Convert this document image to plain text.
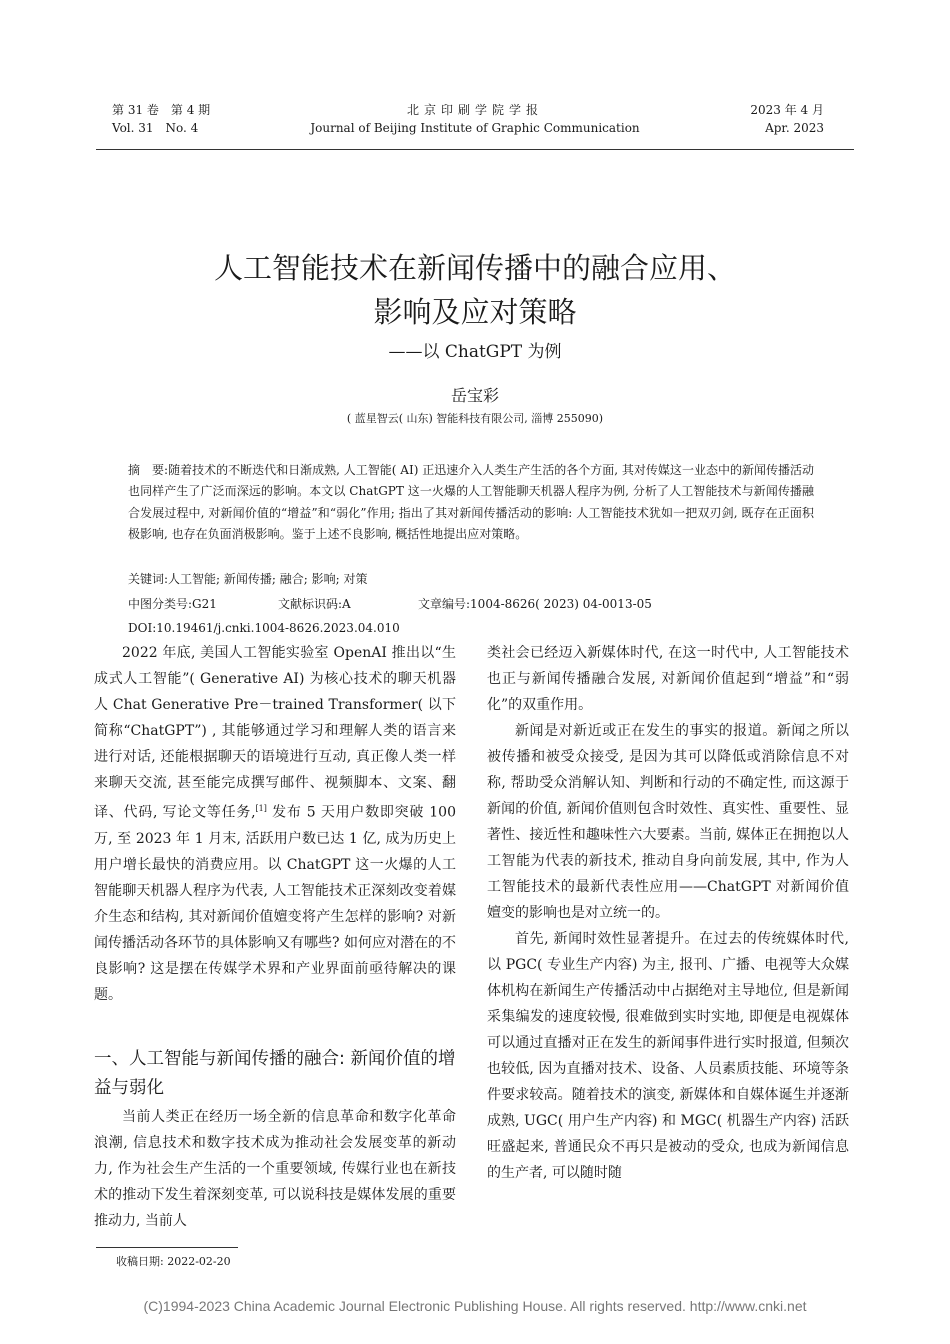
第 31 卷　第 4 期
Vol. 31　No. 4
北京印刷学院学报
Journal of Beijing Institute of Graphic Communication
2023 年 4 月
Apr. 2023
人工智能技术在新闻传播中的融合应用、
影响及应对策略
——以 ChatGPT 为例
岳宝彩
( 蓝星智云( 山东) 智能科技有限公司, 淄博 255090)
摘　要:随着技术的不断迭代和日渐成熟, 人工智能( AI) 正迅速介入人类生产生活的各个方面, 其对传媒这一业态中的新闻传播活动也同样产生了广泛而深远的影响。本文以 ChatGPT 这一火爆的人工智能聊天机器人程序为例, 分析了人工智能技术与新闻传播融合发展过程中, 对新闻价值的“增益”和“弱化”作用; 指出了其对新闻传播活动的影响: 人工智能技术犹如一把双刃剑, 既存在正面积极影响, 也存在负面消极影响。鉴于上述不良影响, 概括性地提出应对策略。
关键词:人工智能; 新闻传播; 融合; 影响; 对策
中图分类号:G21	文献标识码:A	文章编号:1004-8626( 2023) 04-0013-05
DOI:10.19461/j.cnki.1004-8626.2023.04.010

2022 年底, 美国人工智能实验室 OpenAI 推出以“生成式人工智能”( Generative AI) 为核心技术的聊天机器人 Chat Generative Pre－trained Transformer( 以下简称“ChatGPT”) , 其能够通过学习和理解人类的语言来进行对话, 还能根据聊天的语境进行互动, 真正像人类一样来聊天交流, 甚至能完成撰写邮件、视频脚本、文案、翻译、代码, 写论文等任务,[1] 发布 5 天用户数即突破 100 万, 至 2023 年 1 月末, 活跃用户数已达 1 亿, 成为历史上用户增长最快的消费应用。以 ChatGPT 这一火爆的人工智能聊天机器人程序为代表, 人工智能技术正深刻改变着媒介生态和结构, 其对新闻价值嬗变将产生怎样的影响? 对新闻传播活动各环节的具体影响又有哪些? 如何应对潜在的不良影响? 这是摆在传媒学术界和产业界面前亟待解决的课题。

一、人工智能与新闻传播的融合: 新闻价值的增益与弱化

当前人类正在经历一场全新的信息革命和数字化革命浪潮, 信息技术和数字技术成为推动社会发展变革的新动力, 作为社会生产生活的一个重要领域, 传媒行业也在新技术的推动下发生着深刻变革, 可以说科技是媒体发展的重要推动力, 当前人

类社会已经迈入新媒体时代, 在这一时代中, 人工智能技术也正与新闻传播融合发展, 对新闻价值起到“增益”和“弱化”的双重作用。

新闻是对新近或正在发生的事实的报道。新闻之所以被传播和被受众接受, 是因为其可以降低或消除信息不对称, 帮助受众消解认知、判断和行动的不确定性, 而这源于新闻的价值, 新闻价值则包含时效性、真实性、重要性、显著性、接近性和趣味性六大要素。当前, 媒体正在拥抱以人工智能为代表的新技术, 推动自身向前发展, 其中, 作为人工智能技术的最新代表性应用——ChatGPT 对新闻价值嬗变的影响也是对立统一的。

首先, 新闻时效性显著提升。在过去的传统媒体时代, 以 PGC( 专业生产内容) 为主, 报刊、广播、电视等大众媒体机构在新闻生产传播活动中占据绝对主导地位, 但是新闻采集编发的速度较慢, 很难做到实时实地, 即便是电视媒体可以通过直播对正在发生的新闻事件进行实时报道, 但频次也较低, 因为直播对技术、设备、人员素质技能、环境等条件要求较高。随着技术的演变, 新媒体和自媒体诞生并逐渐成熟, UGC( 用户生产内容) 和 MGC( 机器生产内容) 活跃旺盛起来, 普通民众不再只是被动的受众, 也成为新闻信息的生产者, 可以随时随

收稿日期: 2022-02-20
(C)1994-2023 China Academic Journal Electronic Publishing House. All rights reserved. http://www.cnki.net
